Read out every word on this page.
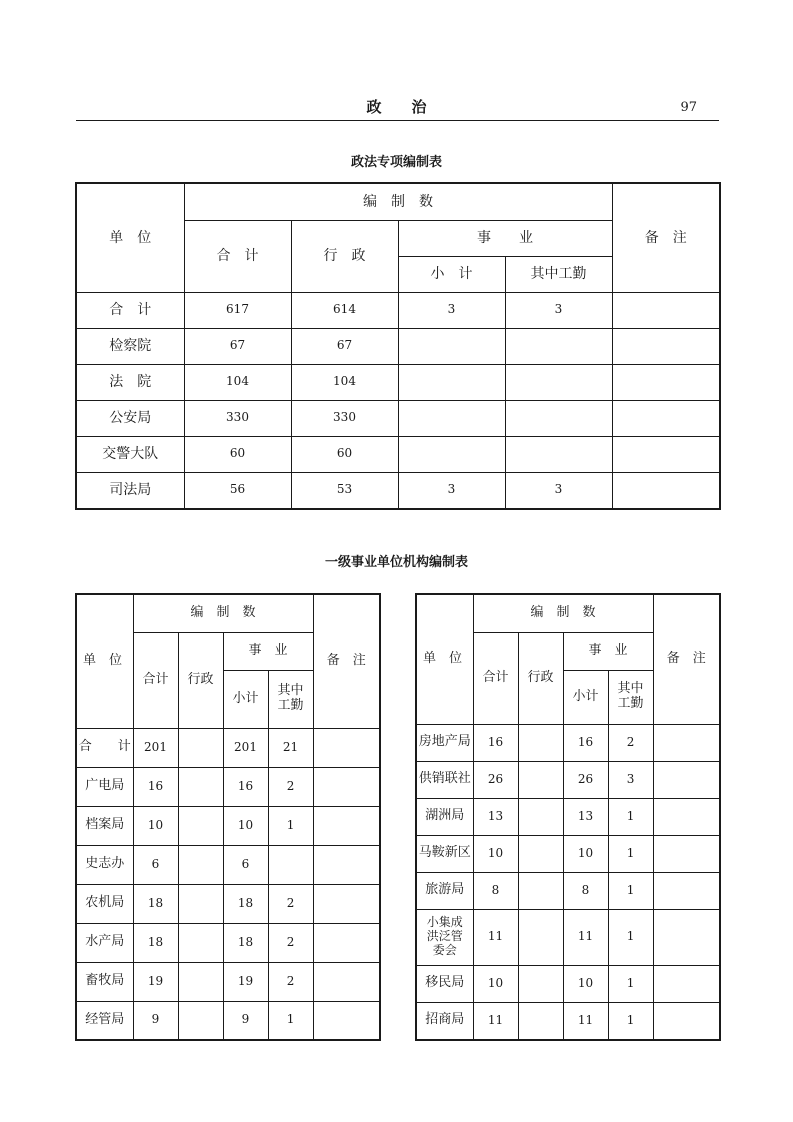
政　　治	97
政法专项编制表
单　位	编　制　数				备　注
	合　计	行　政	事　　业		
			小　计	其中工勤	
合　计	617	614	3	3	
检察院	67	67			
法　院	104	104			
公安局	330	330			
交警大队	60	60			
司法局	56	53	3	3	
一级事业单位机构编制表
单　位	编　制　数				备　注
	合计	行政	事　业		
			小计	其中工勤	
合　　计	201		201	21	
广电局	16		16	2	
档案局	10		10	1	
史志办	6		6		
农机局	18		18	2	
水产局	18		18	2	
畜牧局	19		19	2	
经管局	9		9	1	
单　位	编　制　数				备　注
	合计	行政	事　业		
			小计	其中工勤	
房地产局	16		16	2	
供销联社	26		26	3	
湖洲局	13		13	1	
马鞍新区	10		10	1	
旅游局	8		8	1	
小集成洪泛管委会	11		11	1	
移民局	10		10	1	
招商局	11		11	1	
